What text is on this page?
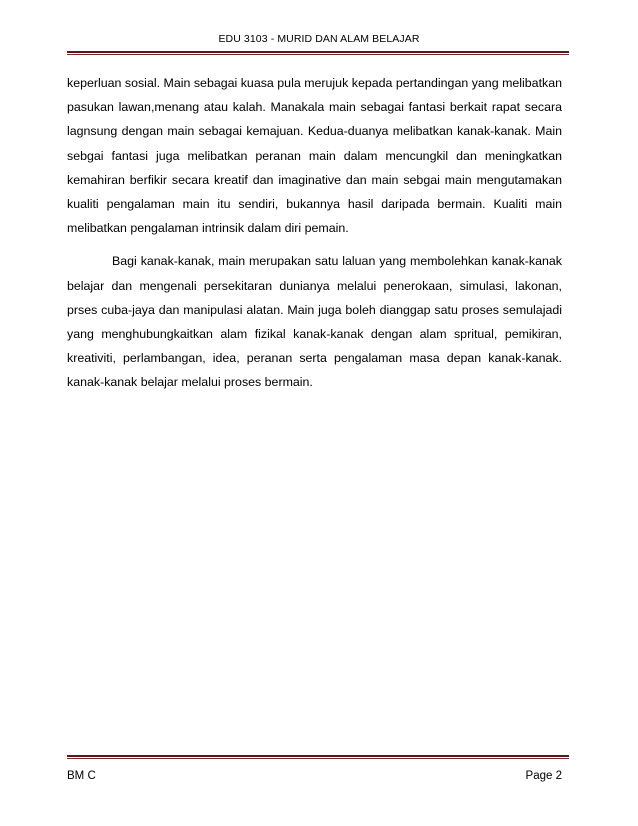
EDU 3103 - MURID DAN ALAM BELAJAR

keperluan sosial. Main sebagai kuasa pula merujuk kepada pertandingan yang melibatkan pasukan lawan,menang atau kalah. Manakala main sebagai fantasi berkait rapat secara lagnsung dengan main sebagai kemajuan. Kedua-duanya melibatkan kanak-kanak. Main sebgai fantasi juga melibatkan peranan main dalam mencungkil dan meningkatkan kemahiran berfikir secara kreatif dan imaginative dan main sebgai main mengutamakan kualiti pengalaman main itu sendiri, bukannya hasil daripada bermain. Kualiti main melibatkan pengalaman intrinsik dalam diri pemain.

Bagi kanak-kanak, main merupakan satu laluan yang membolehkan kanak-kanak belajar dan mengenali persekitaran dunianya melalui penerokaan, simulasi, lakonan, prses cuba-jaya dan manipulasi alatan. Main juga boleh dianggap satu proses semulajadi yang menghubungkaitkan alam fizikal kanak-kanak dengan alam spritual, pemikiran, kreativiti, perlambangan, idea, peranan serta pengalaman masa depan kanak-kanak. kanak-kanak belajar melalui proses bermain.

BM C	Page 2
